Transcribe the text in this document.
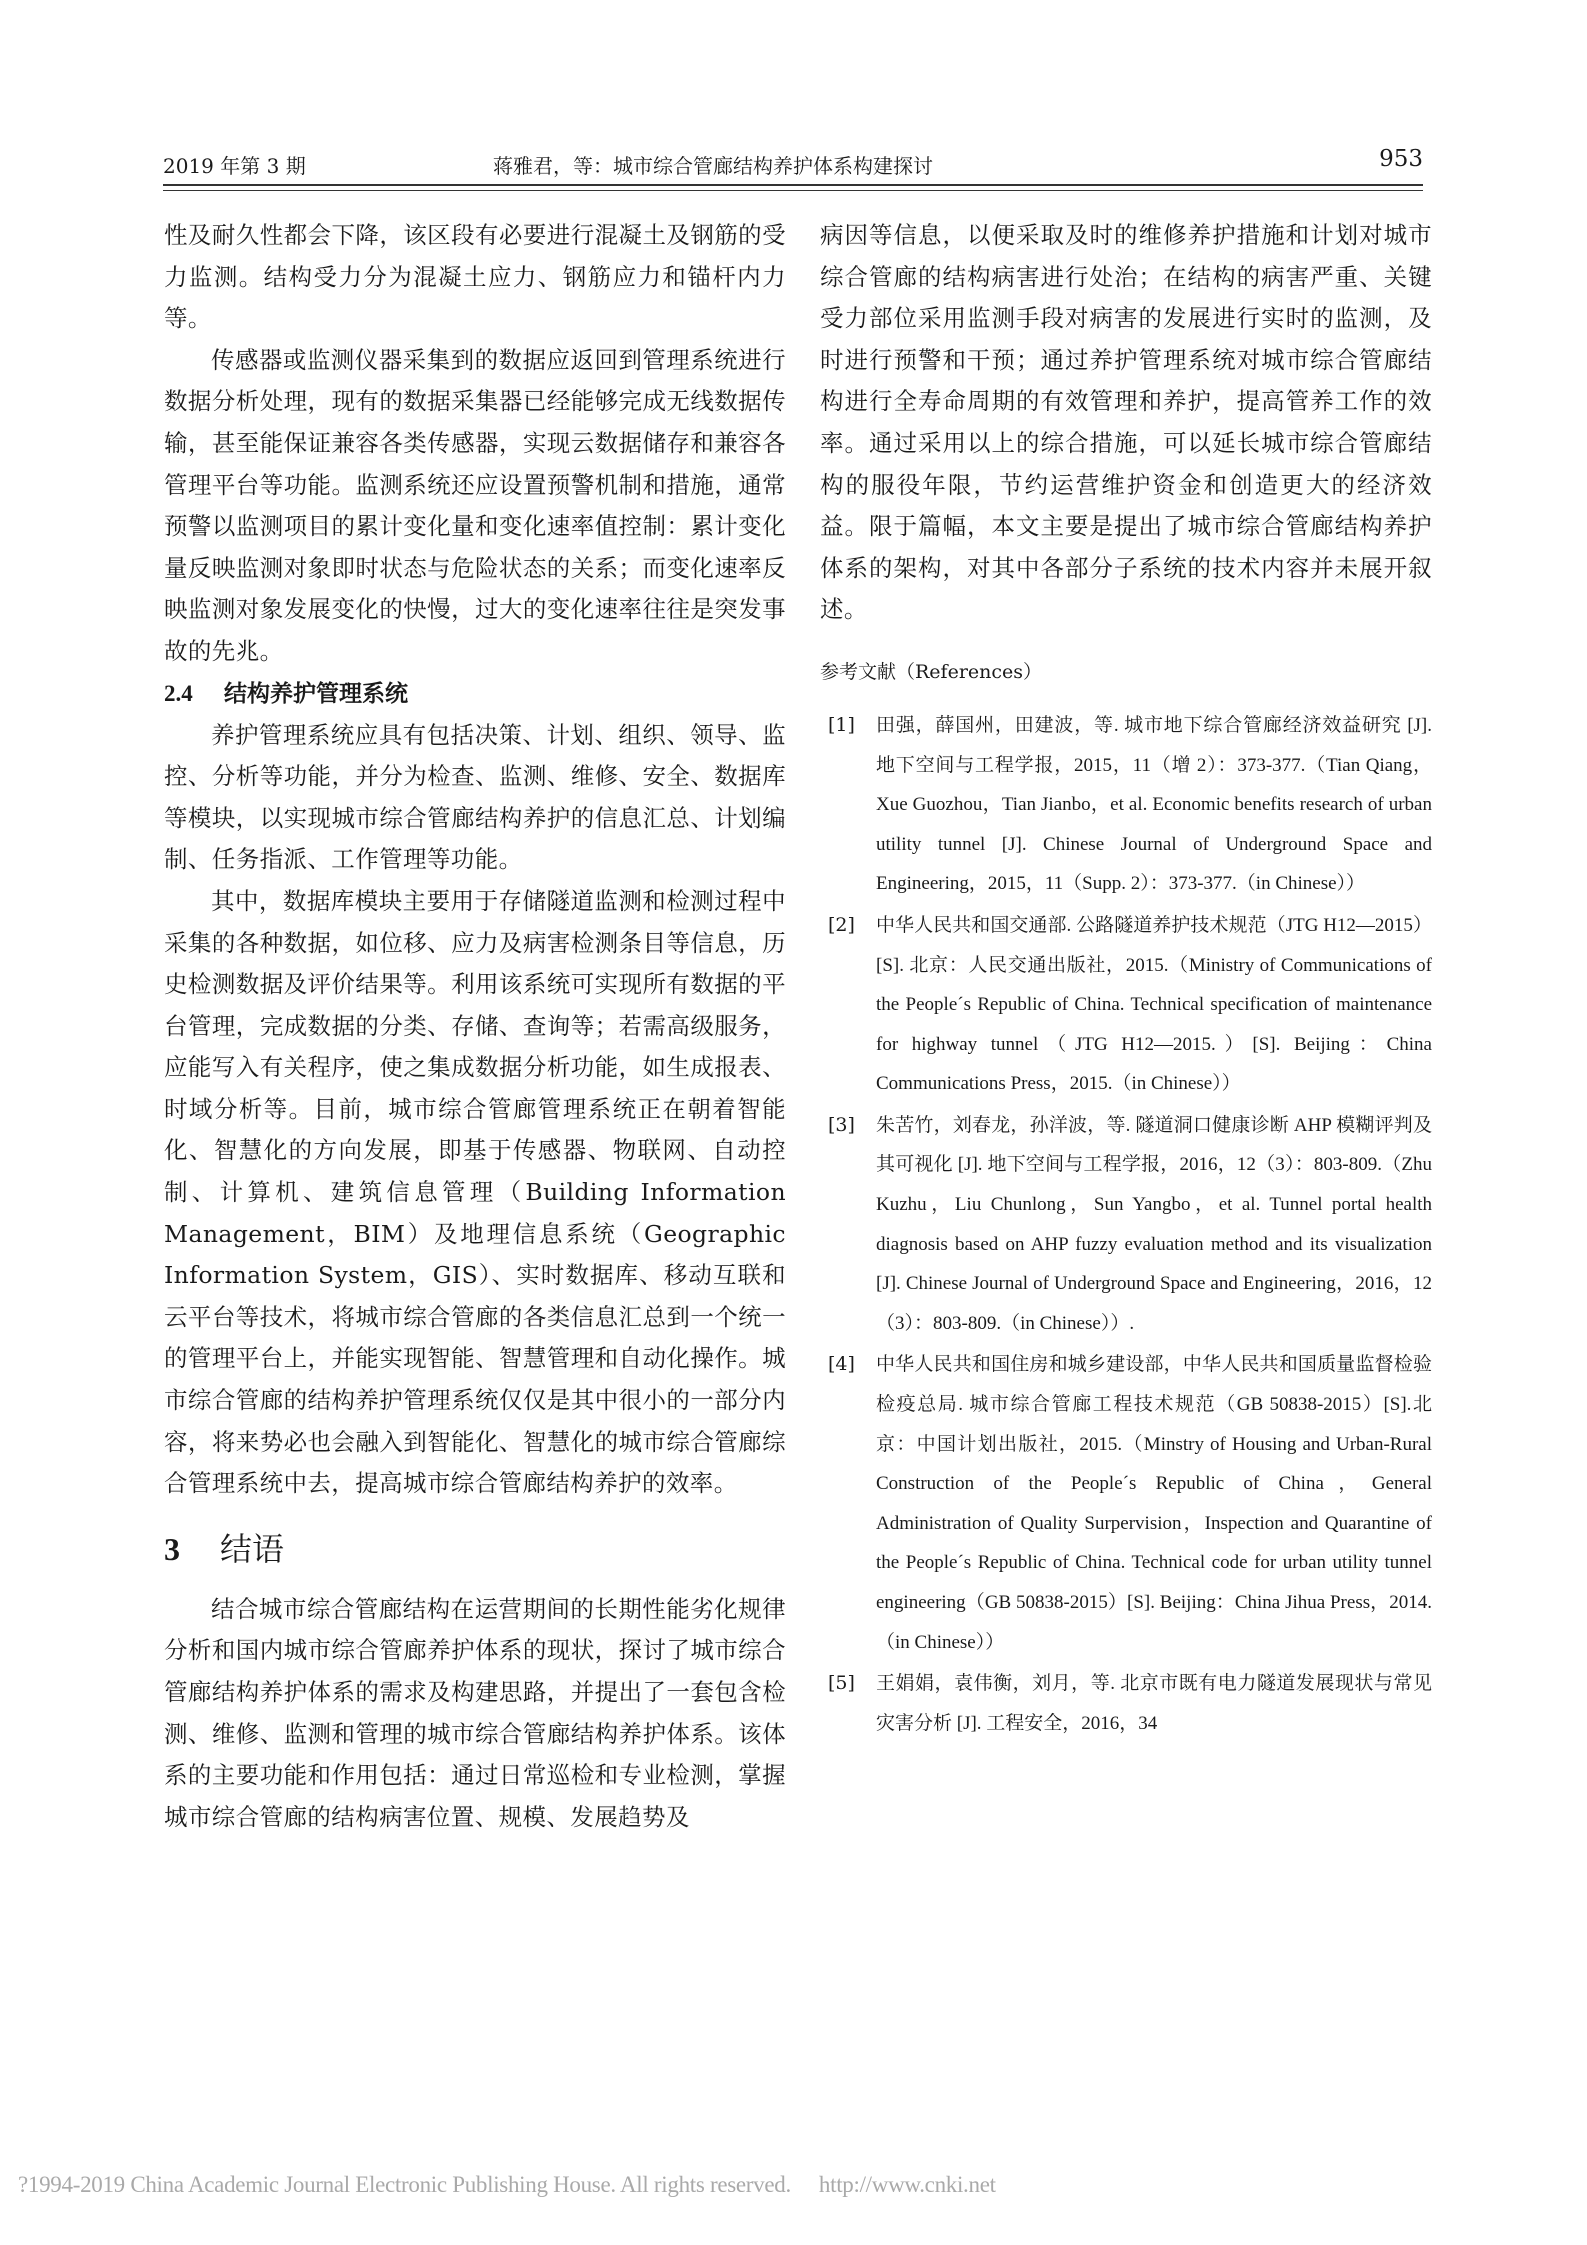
2019 年第 3 期	蒋雅君，等：城市综合管廊结构养护体系构建探讨	953

性及耐久性都会下降，该区段有必要进行混凝土及钢筋的受力监测。结构受力分为混凝土应力、钢筋应力和锚杆内力等。

传感器或监测仪器采集到的数据应返回到管理系统进行数据分析处理，现有的数据采集器已经能够完成无线数据传输，甚至能保证兼容各类传感器，实现云数据储存和兼容各管理平台等功能。监测系统还应设置预警机制和措施，通常预警以监测项目的累计变化量和变化速率值控制：累计变化量反映监测对象即时状态与危险状态的关系；而变化速率反映监测对象发展变化的快慢，过大的变化速率往往是突发事故的先兆。

2.4 结构养护管理系统

养护管理系统应具有包括决策、计划、组织、领导、监控、分析等功能，并分为检查、监测、维修、安全、数据库等模块，以实现城市综合管廊结构养护的信息汇总、计划编制、任务指派、工作管理等功能。

其中，数据库模块主要用于存储隧道监测和检测过程中采集的各种数据，如位移、应力及病害检测条目等信息，历史检测数据及评价结果等。利用该系统可实现所有数据的平台管理，完成数据的分类、存储、查询等；若需高级服务，应能写入有关程序，使之集成数据分析功能，如生成报表、时域分析等。目前，城市综合管廊管理系统正在朝着智能化、智慧化的方向发展，即基于传感器、物联网、自动控制、计算机、建筑信息管理（Building Information Management，BIM）及地理信息系统（Geographic Information System，GIS）、实时数据库、移动互联和云平台等技术，将城市综合管廊的各类信息汇总到一个统一的管理平台上，并能实现智能、智慧管理和自动化操作。城市综合管廊的结构养护管理系统仅仅是其中很小的一部分内容，将来势必也会融入到智能化、智慧化的城市综合管廊综合管理系统中去，提高城市综合管廊结构养护的效率。

3 结语

结合城市综合管廊结构在运营期间的长期性能劣化规律分析和国内城市综合管廊养护体系的现状，探讨了城市综合管廊结构养护体系的需求及构建思路，并提出了一套包含检测、维修、监测和管理的城市综合管廊结构养护体系。该体系的主要功能和作用包括：通过日常巡检和专业检测，掌握城市综合管廊的结构病害位置、规模、发展趋势及

病因等信息，以便采取及时的维修养护措施和计划对城市综合管廊的结构病害进行处治；在结构的病害严重、关键受力部位采用监测手段对病害的发展进行实时的监测，及时进行预警和干预；通过养护管理系统对城市综合管廊结构进行全寿命周期的有效管理和养护，提高管养工作的效率。通过采用以上的综合措施，可以延长城市综合管廊结构的服役年限，节约运营维护资金和创造更大的经济效益。限于篇幅，本文主要是提出了城市综合管廊结构养护体系的架构，对其中各部分子系统的技术内容并未展开叙述。

参考文献（References）
[1] 田强，薛国州，田建波，等. 城市地下综合管廊经济效益研究 [J]. 地下空间与工程学报，2015，11（增 2）：373-377.（Tian Qiang，Xue Guozhou，Tian Jianbo，et al. Economic benefits research of urban utility tunnel [J]. Chinese Journal of Underground Space and Engineering，2015，11（Supp. 2）：373-377.（in Chinese））
[2] 中华人民共和国交通部. 公路隧道养护技术规范（JTG H12—2015）[S]. 北京：人民交通出版社，2015.（Ministry of Communications of the People´s Republic of China. Technical specification of maintenance for highway tunnel（JTG H12—2015.）[S]. Beijing：China Communications Press，2015.（in Chinese））
[3] 朱苦竹，刘春龙，孙洋波，等. 隧道洞口健康诊断 AHP 模糊评判及其可视化 [J]. 地下空间与工程学报，2016，12（3）：803-809.（Zhu Kuzhu，Liu Chunlong，Sun Yangbo，et al. Tunnel portal health diagnosis based on AHP fuzzy evaluation method and its visualization [J]. Chinese Journal of Underground Space and Engineering，2016，12（3）：803-809.（in Chinese））.
[4] 中华人民共和国住房和城乡建设部，中华人民共和国质量监督检验检疫总局. 城市综合管廊工程技术规范（GB 50838-2015）[S].北京：中国计划出版社，2015.（Minstry of Housing and Urban-Rural Construction of the People´s Republic of China，General Administration of Quality Surpervision，Inspection and Quarantine of the People´s Republic of China. Technical code for urban utility tunnel engineering（GB 50838-2015）[S]. Beijing：China Jihua Press，2014.（in Chinese））
[5] 王娟娟，袁伟衡，刘月，等. 北京市既有电力隧道发展现状与常见灾害分析 [J]. 工程安全，2016，34
?1994-2019 China Academic Journal Electronic Publishing House. All rights reserved. http://www.cnki.net
